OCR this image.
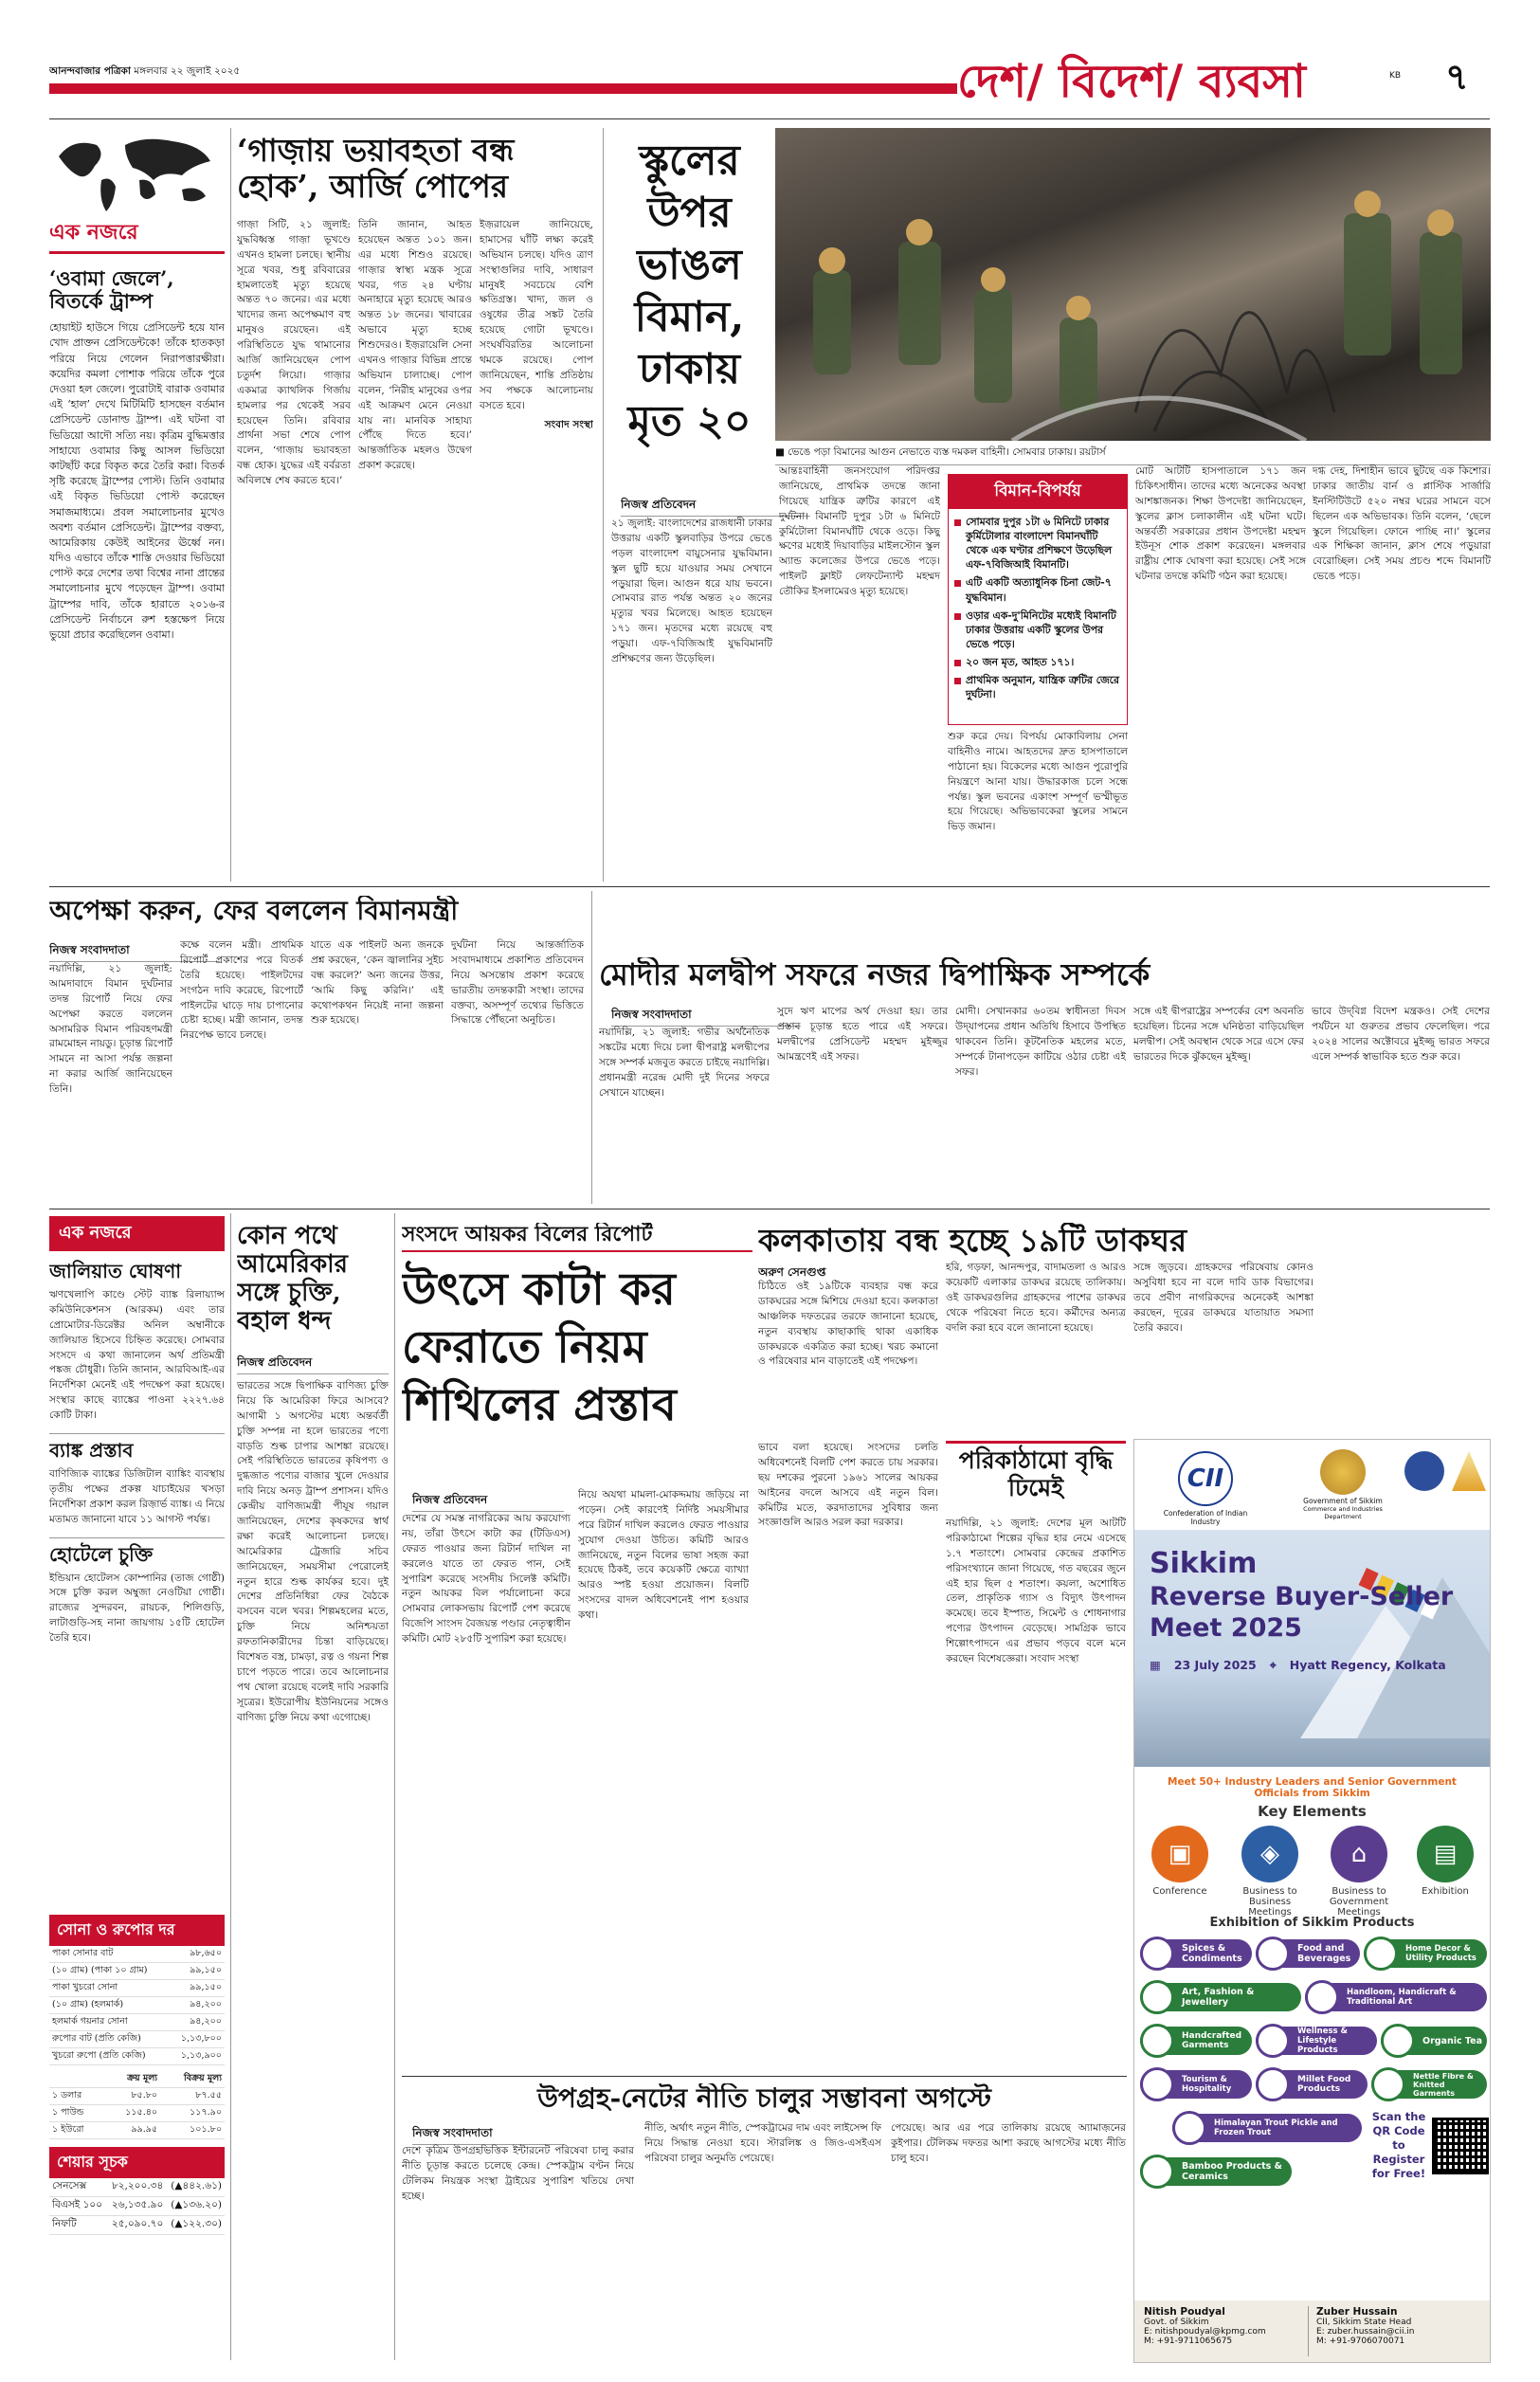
আনন্দবাজার পত্রিকা মঙ্গলবার ২২ জুলাই ২০২৫	দেশ/ বিদেশ/ ব্যবসা	KB ৭
এক নজরে
‘ওবামা জেলে’, বিতর্কে ট্রাম্প
হোয়াইট হাউসে গিয়ে প্রেসিডেন্ট হয়ে যান খোদ প্রাক্তন প্রেসিডেন্টকে! তাঁকে হাতকড়া পরিয়ে নিয়ে গেলেন নিরাপত্তারক্ষীরা। কয়েদির কমলা পোশাক পরিয়ে তাঁকে পুরে দেওয়া হল জেলে। পুরোটাই বারাক ওবামার এই ‘হাল’ দেখে মিটিমিটি হাসছেন বর্তমান প্রেসিডেন্ট ডোনাল্ড ট্রাম্প। এই ঘটনা বা ভিডিয়ো আদৌ সত্যি নয়। কৃত্রিম বুদ্ধিমত্তার সাহায্যে ওবামার কিছু আসল ভিডিয়ো কাটছাঁট করে বিকৃত করে তৈরি করা। বিতর্ক সৃষ্টি করেছে ট্রাম্পের পোস্ট। তিনি ওবামার এই বিকৃত ভিডিয়ো পোস্ট করেছেন সমাজমাধ্যমে। প্রবল সমালোচনার মুখেও অবশ্য বর্তমান প্রেসিডেন্ট। ট্রাম্পের বক্তব্য, আমেরিকায় কেউই আইনের ঊর্ধ্বে নন। যদিও এভাবে তাঁকে শাস্তি দেওয়ার ভিডিয়ো পোস্ট করে দেশের তথা বিশ্বের নানা প্রান্তের সমালোচনার মুখে পড়েছেন ট্রাম্প। ওবামা ট্রাম্পের দাবি, তাঁকে হারাতে ২০১৬-র প্রেসিডেন্ট নির্বাচনে রুশ হস্তক্ষেপ নিয়ে ভুয়ো প্রচার করেছিলেন ওবামা।
‘গাজ়ায় ভয়াবহতা বন্ধ হোক’, আর্জি পোপের
গাজ়া সিটি, ২১ জুলাই: যুদ্ধবিধ্বস্ত গাজ়া ভূখণ্ডে এখনও হামলা চলছে। স্থানীয় সূত্রে খবর, শুধু রবিবারের হামলাতেই মৃত্যু হয়েছে অন্তত ৭০ জনের। এর মধ্যে খাদ্যের জন্য অপেক্ষমাণ বহু মানুষও রয়েছেন। এই পরিস্থিতিতে যুদ্ধ থামানোর আর্জি জানিয়েছেন পোপ চতুর্দশ লিয়ো। গাজ়ার একমাত্র ক্যাথলিক গির্জায় হামলার পর থেকেই সরব হয়েছেন তিনি। রবিবার প্রার্থনা সভা শেষে পোপ বলেন, ‘গাজ়ায় ভয়াবহতা বন্ধ হোক। যুদ্ধের এই বর্বরতা অবিলম্বে শেষ করতে হবে।’
তিনি জানান, আহত হয়েছেন অন্তত ১০১ জন। এর মধ্যে শিশুও রয়েছে। গাজ়ার স্বাস্থ্য মন্ত্রক সূত্রে খবর, গত ২৪ ঘণ্টায় অনাহারে মৃত্যু হয়েছে আরও অন্তত ১৮ জনের। খাবারের অভাবে মৃত্যু হচ্ছে শিশুদেরও। ইজ়রায়েলি সেনা এখনও গাজ়ার বিভিন্ন প্রান্তে অভিযান চালাচ্ছে। পোপ বলেন, ‘নিরীহ মানুষের ওপর এই আক্রমণ মেনে নেওয়া যায় না। মানবিক সাহায্য পৌঁছে দিতে হবে।’ আন্তর্জাতিক মহলও উদ্বেগ প্রকাশ করেছে।
ইজ়রায়েল জানিয়েছে, হামাসের ঘাঁটি লক্ষ্য করেই অভিযান চলছে। যদিও ত্রাণ সংস্থাগুলির দাবি, সাধারণ মানুষই সবচেয়ে বেশি ক্ষতিগ্রস্ত। খাদ্য, জল ও ওষুধের তীব্র সঙ্কট তৈরি হয়েছে গোটা ভূখণ্ডে। সংঘর্ষবিরতির আলোচনা থমকে রয়েছে। পোপ জানিয়েছেন, শান্তি প্রতিষ্ঠায় সব পক্ষকে আলোচনায় বসতে হবে।
সংবাদ সংস্থা
স্কুলের উপর ভাঙল বিমান, ঢাকায় মৃত ২০
■ ভেঙে পড়া বিমানের আগুন নেভাতে ব্যস্ত দমকল বাহিনী। সোমবার ঢাকায়। রয়টার্স
নিজস্ব প্রতিবেদন
২১ জুলাই: বাংলাদেশের রাজধানী ঢাকার উত্তরায় একটি স্কুলবাড়ির উপরে ভেঙে পড়ল বাংলাদেশ বায়ুসেনার যুদ্ধবিমান। স্কুল ছুটি হয়ে যাওয়ার সময় সেখানে পড়ুয়ারা ছিল। আগুন ধরে যায় ভবনে। সোমবার রাত পর্যন্ত অন্তত ২০ জনের মৃত্যুর খবর মিলেছে। আহত হয়েছেন ১৭১ জন। মৃতদের মধ্যে রয়েছে বহু পড়ুয়া। এফ-৭বিজিআই যুদ্ধবিমানটি প্রশিক্ষণের জন্য উড়েছিল।
আন্তঃবাহিনী জনসংযোগ পরিদপ্তর জানিয়েছে, প্রাথমিক তদন্তে জানা গিয়েছে যান্ত্রিক ত্রুটির কারণে এই দুর্ঘটনা। বিমানটি দুপুর ১টা ৬ মিনিটে কুর্মিটোলা বিমানঘাঁটি থেকে ওড়ে। কিছু ক্ষণের মধ্যেই দিয়াবাড়ির মাইলস্টোন স্কুল অ্যান্ড কলেজের উপরে ভেঙে পড়ে। পাইলট ফ্লাইট লেফটেন্যান্ট মহম্মদ তৌকির ইসলামেরও মৃত্যু হয়েছে।
বিমান-বিপর্যয়
সোমবার দুপুর ১টা ৬ মিনিটে ঢাকার কুর্মিটোলার বাংলাদেশ বিমানঘাঁটি থেকে এক ঘণ্টার প্রশিক্ষণে উড়েছিল এফ-৭বিজিআই বিমানটি।
এটি একটি অত্যাধুনিক চিনা জেট-৭ যুদ্ধবিমান।
ওড়ার এক-দু'মিনিটের মধ্যেই বিমানটি ঢাকার উত্তরায় একটি স্কুলের উপর ভেঙে পড়ে।
২০ জন মৃত, আহত ১৭১।
প্রাথমিক অনুমান, যান্ত্রিক ত্রুটির জেরে দুর্ঘটনা।
শুরু করে দেয়। বিপর্যয় মোকাবিলায় সেনা বাহিনীও নামে। আহতদের দ্রুত হাসপাতালে পাঠানো হয়। বিকেলের মধ্যে আগুন পুরোপুরি নিয়ন্ত্রণে আনা যায়। উদ্ধারকাজ চলে সন্ধে পর্যন্ত। স্কুল ভবনের একাংশ সম্পূর্ণ ভস্মীভূত হয়ে গিয়েছে। অভিভাবকেরা স্কুলের সামনে ভিড় জমান।
মোট আটটি হাসপাতালে ১৭১ জন চিকিৎসাধীন। তাদের মধ্যে অনেকের অবস্থা আশঙ্কাজনক। শিক্ষা উপদেষ্টা জানিয়েছেন, স্কুলের ক্লাস চলাকালীন এই ঘটনা ঘটে। অন্তর্বর্তী সরকারের প্রধান উপদেষ্টা মহম্মদ ইউনূস শোক প্রকাশ করেছেন। মঙ্গলবার রাষ্ট্রীয় শোক ঘোষণা করা হয়েছে। সেই সঙ্গে ঘটনার তদন্তে কমিটি গঠন করা হয়েছে।
দগ্ধ দেহ, দিশাহীন ভাবে ছুটছে এক কিশোর। ঢাকার জাতীয় বার্ন ও প্লাস্টিক সার্জারি ইনস্টিটিউটে ৫২০ নম্বর ঘরের সামনে বসে ছিলেন এক অভিভাবক। তিনি বলেন, ‘ছেলে স্কুলে গিয়েছিল। ফোনে পাচ্ছি না।’ স্কুলের এক শিক্ষিকা জানান, ক্লাস শেষে পড়ুয়ারা বেরোচ্ছিল। সেই সময় প্রচণ্ড শব্দে বিমানটি ভেঙে পড়ে।
অপেক্ষা করুন, ফের বললেন বিমানমন্ত্রী
নিজস্ব সংবাদদাতা
নয়াদিল্লি, ২১ জুলাই: আমদাবাদে বিমান দুর্ঘটনার তদন্ত রিপোর্ট নিয়ে ফের অপেক্ষা করতে বললেন অসামরিক বিমান পরিবহণমন্ত্রী রামমোহন নায়ডু। চূড়ান্ত রিপোর্ট সামনে না আসা পর্যন্ত জল্পনা না করার আর্জি জানিয়েছেন তিনি।
কক্ষে বলেন মন্ত্রী। প্রাথমিক রিপোর্ট প্রকাশের পরে বিতর্ক তৈরি হয়েছে। পাইলটদের সংগঠন দাবি করেছে, রিপোর্টে পাইলটের ঘাড়ে দায় চাপানোর চেষ্টা হচ্ছে। মন্ত্রী জানান, তদন্ত নিরপেক্ষ ভাবে চলছে।
যাতে এক পাইলট অন্য জনকে প্রশ্ন করছেন, ‘কেন জ্বালানির সুইচ বন্ধ করলে?’ অন্য জনের উত্তর, ‘আমি কিছু করিনি।’ এই কথোপকথন নিয়েই নানা জল্পনা শুরু হয়েছে।
দুর্ঘটনা নিয়ে আন্তর্জাতিক সংবাদমাধ্যমে প্রকাশিত প্রতিবেদন নিয়ে অসন্তোষ প্রকাশ করেছে ভারতীয় তদন্তকারী সংস্থা। তাদের বক্তব্য, অসম্পূর্ণ তথ্যের ভিত্তিতে সিদ্ধান্তে পৌঁছনো অনুচিত।
মোদীর মলদ্বীপ সফরে নজর দ্বিপাক্ষিক সম্পর্কে
নিজস্ব সংবাদদাতা
নয়াদিল্লি, ২১ জুলাই: গভীর অর্থনৈতিক সঙ্কটের মধ্যে দিয়ে চলা দ্বীপরাষ্ট্র মলদ্বীপের সঙ্গে সম্পর্ক মজবুত করতে চাইছে নয়াদিল্লি। প্রধানমন্ত্রী নরেন্দ্র মোদী দুই দিনের সফরে সেখানে যাচ্ছেন।
সুদে ঋণ মাপের অর্থ দেওয়া হয়। তার প্রস্তাব চূড়ান্ত হতে পারে এই সফরে। মলদ্বীপের প্রেসিডেন্ট মহম্মদ মুইজ্জুর আমন্ত্রণেই এই সফর।
মোদী। সেখানকার ৬০তম স্বাধীনতা দিবস উদ্‌যাপনের প্রধান অতিথি হিসাবে উপস্থিত থাকবেন তিনি। কূটনৈতিক মহলের মতে, সম্পর্কে টানাপড়েন কাটিয়ে ওঠার চেষ্টা এই সফর।
সঙ্গে এই দ্বীপরাষ্ট্রের সম্পর্কের বেশ অবনতি হয়েছিল। চিনের সঙ্গে ঘনিষ্ঠতা বাড়িয়েছিল মলদ্বীপ। সেই অবস্থান থেকে সরে এসে ফের ভারতের দিকে ঝুঁকছেন মুইজ্জু।
ভাবে উদ্‌বিগ্ন বিদেশ মন্ত্রকও। সেই দেশের পর্যটনে যা গুরুতর প্রভাব ফেলেছিল। পরে ২০২৪ সালের অক্টোবরে মুইজ্জু ভারত সফরে এলে সম্পর্ক স্বাভাবিক হতে শুরু করে।
এক নজরে
জালিয়াত ঘোষণা
ঋণখেলাপি কাণ্ডে স্টেট ব্যাঙ্ক রিলায়্যান্স কমিউনিকেশনস (আরকম) এবং তার প্রোমোটার-ডিরেক্টর অনিল অম্বানীকে জালিয়াত হিসেবে চিহ্নিত করেছে। সোমবার সংসদে এ কথা জানালেন অর্থ প্রতিমন্ত্রী পঙ্কজ চৌধুরী। তিনি জানান, আরবিআই-এর নির্দেশিকা মেনেই এই পদক্ষেপ করা হয়েছে। সংস্থার কাছে ব্যাঙ্কের পাওনা ২২২৭.৬৪ কোটি টাকা।
ব্যাঙ্ক প্রস্তাব
বাণিজ্যিক ব্যাঙ্কের ডিজিটাল ব্যাঙ্কিং ব্যবস্থায় তৃতীয় পক্ষের প্রকল্প যাচাইয়ের খসড়া নির্দেশিকা প্রকাশ করল রিজ়ার্ভ ব্যাঙ্ক। এ নিয়ে মতামত জানানো যাবে ১১ আগস্ট পর্যন্ত।
হোটেলে চুক্তি
ইন্ডিয়ান হোটেলস কোম্পানির (তাজ গোষ্ঠী) সঙ্গে চুক্তি করল অম্বুজা নেওটিয়া গোষ্ঠী। রাজ্যের সুন্দরবন, রায়চক, শিলিগুড়ি, লাটাগুড়ি-সহ নানা জায়গায় ১৫টি হোটেল তৈরি হবে।
সোনা ও রুপোর দর
পাকা সোনার বাট	৯৮,৬৫০
(১০ গ্রাম) (পাকা ১০ গ্রাম)	৯৯,১৫০
পাকা খুচরো সোনা	৯৯,১৫০
(১০ গ্রাম) (হলমার্ক)	৯৪,২০০
হলমার্ক গয়নার সোনা	৯৪,২০০
রুপোর বাট (প্রতি কেজি)	১,১৩,৮০০
খুচরো রুপো (প্রতি কেজি)	১,১৩,৯০০
	ক্রয় মূল্য	বিক্রয় মূল্য
১ ডলার	৮৫.৮০	৮৭.৫৫
১ পাউন্ড	১১৫.৪০	১১৭.৯০
১ ইউরো	৯৯.৯৫	১০১.৮০
শেয়ার সূচক
সেনসেক্স	৮২,২০০.৩৪	(▲৪৪২.৬১)
বিএসই ১০০	২৬,১৩৫.৯০	(▲১৩৬.২০)
নিফটি	২৫,০৯০.৭০	(▲১২২.৩০)
কোন পথে আমেরিকার সঙ্গে চুক্তি, বহাল ধন্দ
নিজস্ব প্রতিবেদন
ভারতের সঙ্গে দ্বিপাক্ষিক বাণিজ্য চুক্তি নিয়ে কি আমেরিকা ফিরে আসবে? আগামী ১ অগস্টের মধ্যে অন্তর্বর্তী চুক্তি সম্পন্ন না হলে ভারতের পণ্যে বাড়তি শুল্ক চাপার আশঙ্কা রয়েছে। সেই পরিস্থিতিতে ভারতের কৃষিপণ্য ও দুগ্ধজাত পণ্যের বাজার খুলে দেওয়ার দাবি নিয়ে অনড় ট্রাম্প প্রশাসন। যদিও কেন্দ্রীয় বাণিজ্যমন্ত্রী পীযূষ গয়াল জানিয়েছেন, দেশের কৃষকদের স্বার্থ রক্ষা করেই আলোচনা চলছে। আমেরিকার ট্রেজারি সচিব জানিয়েছেন, সময়সীমা পেরোলেই নতুন হারে শুল্ক কার্যকর হবে। দুই দেশের প্রতিনিধিরা ফের বৈঠকে বসবেন বলে খবর। শিল্পমহলের মতে, চুক্তি নিয়ে অনিশ্চয়তা রফতানিকারীদের চিন্তা বাড়িয়েছে। বিশেষত বস্ত্র, চামড়া, রত্ন ও গয়না শিল্প চাপে পড়তে পারে। তবে আলোচনার পথ খোলা রয়েছে বলেই দাবি সরকারি সূত্রের। ইউরোপীয় ইউনিয়নের সঙ্গেও বাণিজ্য চুক্তি নিয়ে কথা এগোচ্ছে।
সংসদে আয়কর বিলের রিপোর্ট
উৎসে কাটা কর ফেরাতে নিয়ম শিথিলের প্রস্তাব
নিজস্ব প্রতিবেদন
দেশের যে সমস্ত নাগরিকের আয় করযোগ্য নয়, তাঁরা উৎসে কাটা কর (টিডিএস) ফেরত পাওয়ার জন্য রিটার্ন দাখিল না করলেও যাতে তা ফেরত পান, সেই সুপারিশ করেছে সংসদীয় সিলেক্ট কমিটি। নতুন আয়কর বিল পর্যালোচনা করে সোমবার লোকসভায় রিপোর্ট পেশ করেছে বিজেপি সাংসদ বৈজয়ন্ত পণ্ডার নেতৃত্বাধীন কমিটি। মোট ২৮৫টি সুপারিশ করা হয়েছে।
নিয়ে অযথা মামলা-মোকদ্দমায় জড়িয়ে না পড়েন। সেই কারণেই নির্দিষ্ট সময়সীমার পরে রিটার্ন দাখিল করলেও ফেরত পাওয়ার সুযোগ দেওয়া উচিত। কমিটি আরও জানিয়েছে, নতুন বিলের ভাষা সহজ করা হয়েছে ঠিকই, তবে কয়েকটি ক্ষেত্রে ব্যাখ্যা আরও স্পষ্ট হওয়া প্রয়োজন। বিলটি সংসদের বাদল অধিবেশনেই পাশ হওয়ার কথা।
কলকাতায় বন্ধ হচ্ছে ১৯টি ডাকঘর
অরুণ সেনগুপ্ত
চিঠিতে ওই ১৯টিকে ব্যবহার বন্ধ করে ডাকঘরের সঙ্গে মিশিয়ে দেওয়া হবে। কলকাতা আঞ্চলিক দফতরের তরফে জানানো হয়েছে, নতুন ব্যবস্থায় কাছাকাছি থাকা একাধিক ডাকঘরকে একত্রিত করা হচ্ছে। খরচ কমানো ও পরিষেবার মান বাড়াতেই এই পদক্ষেপ।
হরি, গড়ফা, আনন্দপুর, বাদামতলা ও আরও কয়েকটি এলাকার ডাকঘর রয়েছে তালিকায়। ওই ডাকঘরগুলির গ্রাহকদের পাশের ডাকঘর থেকে পরিষেবা নিতে হবে। কর্মীদের অন্যত্র বদলি করা হবে বলে জানানো হয়েছে।
সঙ্গে জুড়বে। গ্রাহকদের পরিষেবায় কোনও অসুবিধা হবে না বলে দাবি ডাক বিভাগের। তবে প্রবীণ নাগরিকদের অনেকেই আশঙ্কা করছেন, দূরের ডাকঘরে যাতায়াত সমস্যা তৈরি করবে।
ভাবে বলা হয়েছে। সংসদের চলতি অধিবেশনেই বিলটি পেশ করতে চায় সরকার। ছয় দশকের পুরনো ১৯৬১ সালের আয়কর আইনের বদলে আসবে এই নতুন বিল। কমিটির মতে, করদাতাদের সুবিধার জন্য সংজ্ঞাগুলি আরও সরল করা দরকার।
পরিকাঠামো বৃদ্ধি ঢিমেই
নয়াদিল্লি, ২১ জুলাই: দেশের মূল আটটি পরিকাঠামো শিল্পের বৃদ্ধির হার নেমে এসেছে ১.৭ শতাংশে। সোমবার কেন্দ্রের প্রকাশিত পরিসংখ্যানে জানা গিয়েছে, গত বছরের জুনে এই হার ছিল ৫ শতাংশ। কয়লা, অশোধিত তেল, প্রাকৃতিক গ্যাস ও বিদ্যুৎ উৎপাদন কমেছে। তবে ইস্পাত, সিমেন্ট ও শোধনাগার পণ্যের উৎপাদন বেড়েছে। সামগ্রিক ভাবে শিল্পোৎপাদনে এর প্রভাব পড়বে বলে মনে করছেন বিশেষজ্ঞেরা। সংবাদ সংস্থা
উপগ্রহ-নেটের নীতি চালুর সম্ভাবনা অগস্টে
নিজস্ব সংবাদদাতা
দেশে কৃত্রিম উপগ্রহভিত্তিক ইন্টারনেট পরিষেবা চালু করার নীতি চূড়ান্ত করতে চলেছে কেন্দ্র। স্পেকট্রাম বণ্টন নিয়ে টেলিকম নিয়ন্ত্রক সংস্থা ট্রাইয়ের সুপারিশ খতিয়ে দেখা হচ্ছে।
নীতি, অর্থাৎ নতুন নীতি, স্পেকট্রামের দাম এবং লাইসেন্স ফি নিয়ে সিদ্ধান্ত নেওয়া হবে। স্টারলিঙ্ক ও জিও-এসইএস পরিষেবা চালুর অনুমতি পেয়েছে।
পেয়েছে। আর এর পরে তালিকায় রয়েছে অ্যামাজ়নের কুইপার। টেলিকম দফতর আশা করছে আগস্টের মধ্যে নীতি চালু হবে।
CII
Confederation of Indian Industry
Government of Sikkim
Commerce and Industries Department
Sikkim
Reverse Buyer-Seller
Meet 2025
▦ 23 July 2025 ⌖ Hyatt Regency, Kolkata
Meet 50+ Industry Leaders and Senior Government Officials from Sikkim
Key Elements
▣
Conference
◈
Business to Business Meetings
⌂
Business to Government Meetings
▤
Exhibition
Exhibition of Sikkim Products
❀	Spices & Condiments	♨	Food and Beverages	⌂	Home Decor & Utility Products
◆	Art, Fashion & Jewellery	▥	Handloom, Handicraft & Traditional Art
◮	Handcrafted Garments	✿
Wellness & Lifestyle Products
☕	Organic Tea
✈	Tourism & Hospitality	❦	Millet Food Products	✾
Nettle Fibre & Knitted Garments
◭	Himalayan Trout Pickle and Frozen Trout
▯	Bamboo Products & Ceramics
Scan the QR Code to Register for Free!
Nitish Poudyal
Govt. of Sikkim
E: nitishpoudyal@kpmg.com
M: +91-9711065675
Zuber Hussain
CII, Sikkim State Head
E: zuber.hussain@cii.in
M: +91-9706070071
